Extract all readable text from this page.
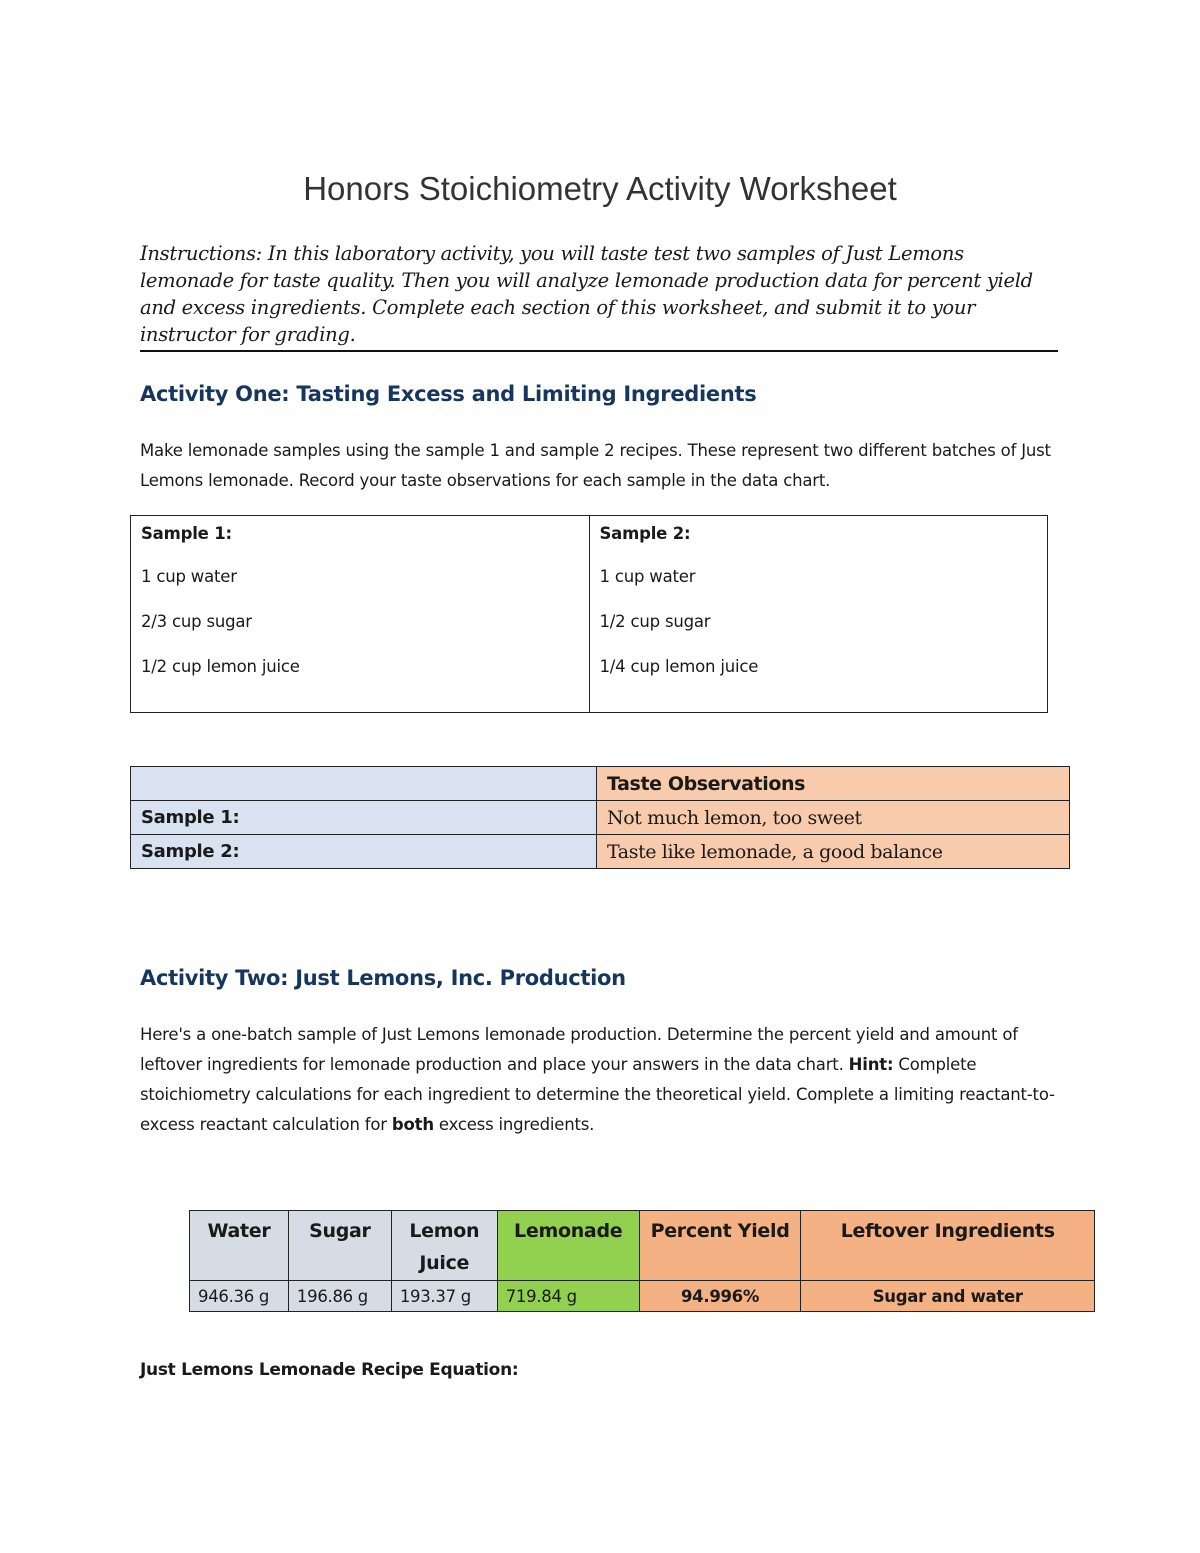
Honors Stoichiometry Activity Worksheet

Instructions: In this laboratory activity, you will taste test two samples of Just Lemons lemonade for taste quality. Then you will analyze lemonade production data for percent yield and excess ingredients. Complete each section of this worksheet, and submit it to your instructor for grading.

Activity One: Tasting Excess and Limiting Ingredients

Make lemonade samples using the sample 1 and sample 2 recipes. These represent two different batches of Just Lemons lemonade. Record your taste observations for each sample in the data chart.

Sample 1:
1 cup water
2/3 cup sugar
1/2 cup lemon juice

Sample 2:
1 cup water
1/2 cup sugar
1/4 cup lemon juice
	Taste Observations
Sample 1:	Not much lemon, too sweet
Sample 2:	Taste like lemonade, a good balance
Activity Two: Just Lemons, Inc. Production

Here's a one-batch sample of Just Lemons lemonade production. Determine the percent yield and amount of leftover ingredients for lemonade production and place your answers in the data chart. Hint: Complete stoichiometry calculations for each ingredient to determine the theoretical yield. Complete a limiting reactant-to-excess reactant calculation for both excess ingredients.

Water	Sugar	Lemon Juice	Lemonade	Percent Yield	Leftover Ingredients
946.36 g	196.86 g	193.37 g	719.84 g	94.996%	Sugar and water

Just Lemons Lemonade Recipe Equation:
